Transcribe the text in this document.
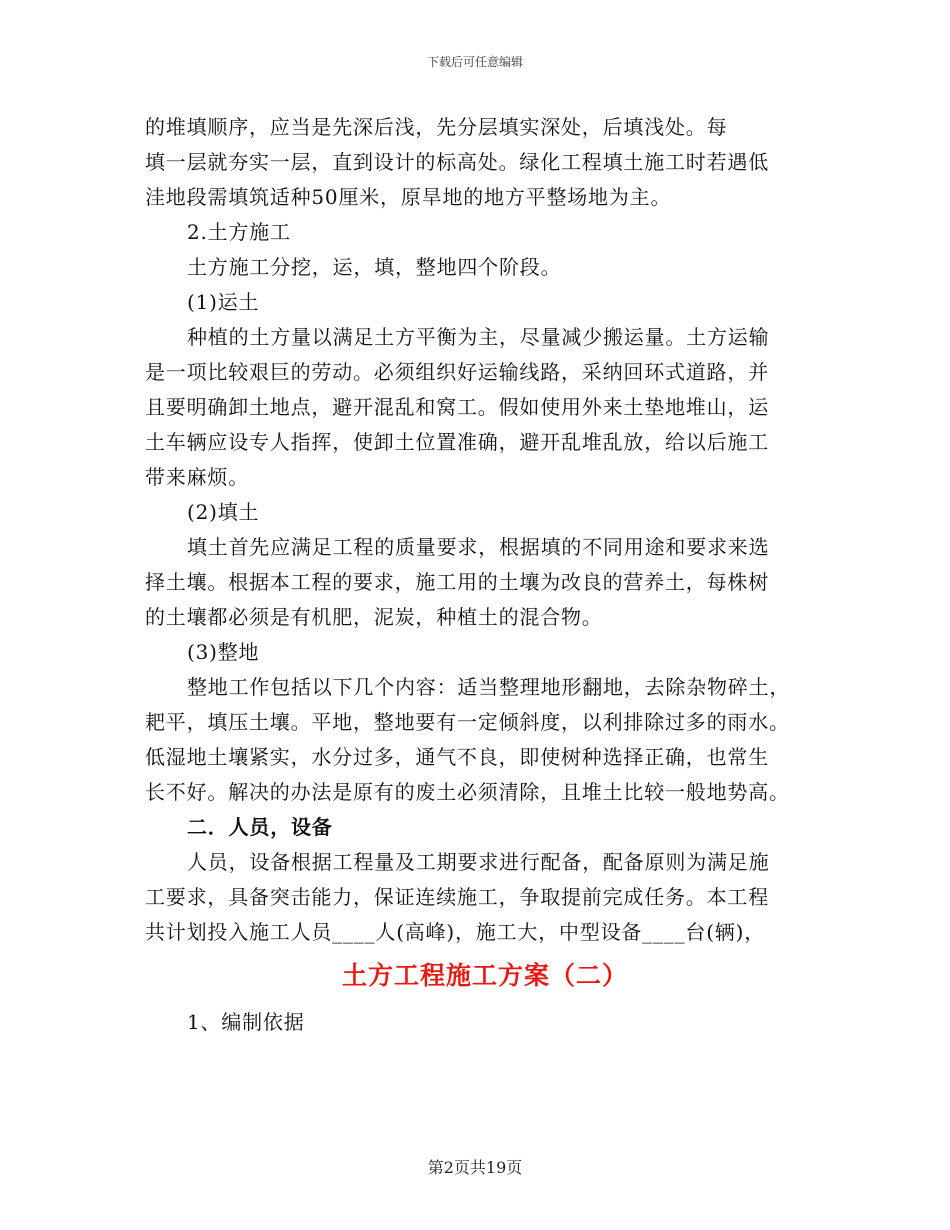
下载后可任意编辑
的堆填顺序，应当是先深后浅，先分层填实深处，后填浅处。每
填一层就夯实一层，直到设计的标高处。绿化工程填土施工时若遇低
洼地段需填筑适种50厘米，原旱地的地方平整场地为主。
2.土方施工
土方施工分挖，运，填，整地四个阶段。
(1)运土
种植的土方量以满足土方平衡为主，尽量减少搬运量。土方运输
是一项比较艰巨的劳动。必须组织好运输线路，采纳回环式道路，并
且要明确卸土地点，避开混乱和窝工。假如使用外来土垫地堆山，运
土车辆应设专人指挥，使卸土位置准确，避开乱堆乱放，给以后施工
带来麻烦。
(2)填土
填土首先应满足工程的质量要求，根据填的不同用途和要求来选
择土壤。根据本工程的要求，施工用的土壤为改良的营养土，每株树
的土壤都必须是有机肥，泥炭，种植土的混合物。
(3)整地
整地工作包括以下几个内容：适当整理地形翻地，去除杂物碎土，
耙平，填压土壤。平地，整地要有一定倾斜度，以利排除过多的雨水。
低湿地土壤紧实，水分过多，通气不良，即使树种选择正确，也常生
长不好。解决的办法是原有的废土必须清除，且堆土比较一般地势高。
二．人员，设备
人员，设备根据工程量及工期要求进行配备，配备原则为满足施
工要求，具备突击能力，保证连续施工，争取提前完成任务。本工程
共计划投入施工人员____人(高峰)，施工大，中型设备____台(辆)，
土方工程施工方案（二）
1、编制依据
第2页共19页
